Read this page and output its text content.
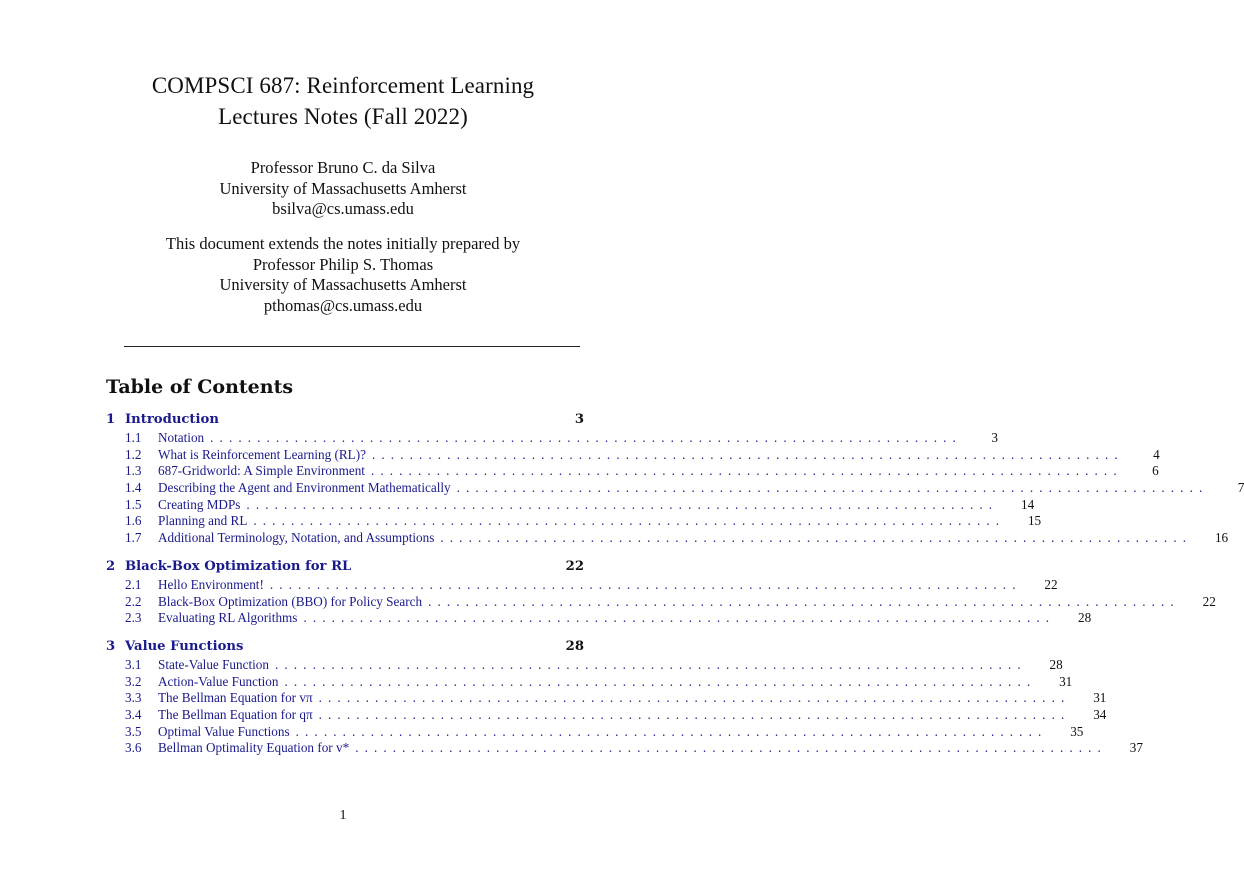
COMPSCI 687: Reinforcement Learning
Lectures Notes (Fall 2022)
Professor Bruno C. da Silva
University of Massachusetts Amherst
bsilva@cs.umass.edu
This document extends the notes initially prepared by
Professor Philip S. Thomas
University of Massachusetts Amherst
pthomas@cs.umass.edu
Table of Contents
1 Introduction	3
1.1	Notation ................................................................................	3
1.2	What is Reinforcement Learning (RL)? ................................................................................	4
1.3	687-Gridworld: A Simple Environment ................................................................................	6
1.4	Describing the Agent and Environment Mathematically ................................................................................	7
1.5	Creating MDPs ................................................................................	14
1.6	Planning and RL ................................................................................	15
1.7	Additional Terminology, Notation, and Assumptions ................................................................................	16
2 Black-Box Optimization for RL	22
2.1	Hello Environment! ................................................................................	22
2.2	Black-Box Optimization (BBO) for Policy Search ................................................................................	22
2.3	Evaluating RL Algorithms ................................................................................	28
3 Value Functions	28
3.1	State-Value Function ................................................................................	28
3.2	Action-Value Function ................................................................................	31
3.3	The Bellman Equation for vπ ................................................................................	31
3.4	The Bellman Equation for qπ ................................................................................	34
3.5	Optimal Value Functions ................................................................................	35
3.6	Bellman Optimality Equation for v* ................................................................................	37
1
